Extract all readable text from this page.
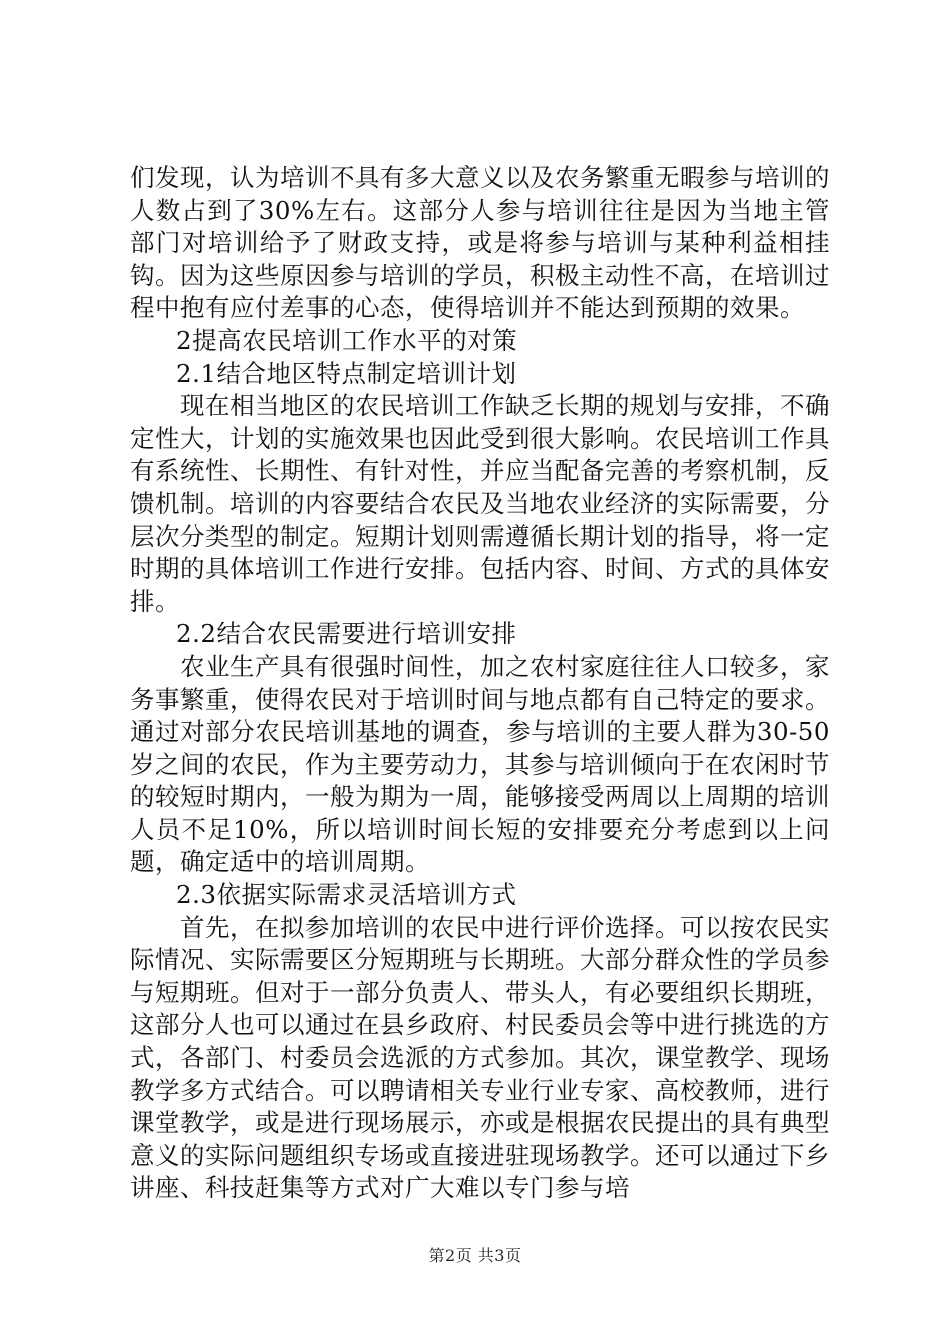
们发现，认为培训不具有多大意义以及农务繁重无暇参与培训的人数占到了30%左右。这部分人参与培训往往是因为当地主管部门对培训给予了财政支持，或是将参与培训与某种利益相挂钩。因为这些原因参与培训的学员，积极主动性不高，在培训过程中抱有应付差事的心态，使得培训并不能达到预期的效果。

2提高农民培训工作水平的对策

2.1结合地区特点制定培训计划

现在相当地区的农民培训工作缺乏长期的规划与安排，不确定性大，计划的实施效果也因此受到很大影响。农民培训工作具有系统性、长期性、有针对性，并应当配备完善的考察机制，反馈机制。培训的内容要结合农民及当地农业经济的实际需要，分层次分类型的制定。短期计划则需遵循长期计划的指导，将一定时期的具体培训工作进行安排。包括内容、时间、方式的具体安排。

2.2结合农民需要进行培训安排

农业生产具有很强时间性，加之农村家庭往往人口较多，家务事繁重，使得农民对于培训时间与地点都有自己特定的要求。通过对部分农民培训基地的调查，参与培训的主要人群为30-50岁之间的农民，作为主要劳动力，其参与培训倾向于在农闲时节的较短时期内，一般为期为一周，能够接受两周以上周期的培训人员不足10%，所以培训时间长短的安排要充分考虑到以上问题，确定适中的培训周期。

2.3依据实际需求灵活培训方式

首先，在拟参加培训的农民中进行评价选择。可以按农民实际情况、实际需要区分短期班与长期班。大部分群众性的学员参与短期班。但对于一部分负责人、带头人，有必要组织长期班，这部分人也可以通过在县乡政府、村民委员会等中进行挑选的方式，各部门、村委员会选派的方式参加。其次，课堂教学、现场教学多方式结合。可以聘请相关专业行业专家、高校教师，进行课堂教学，或是进行现场展示，亦或是根据农民提出的具有典型意义的实际问题组织专场或直接进驻现场教学。还可以通过下乡讲座、科技赶集等方式对广大难以专门参与培

第2页 共3页
